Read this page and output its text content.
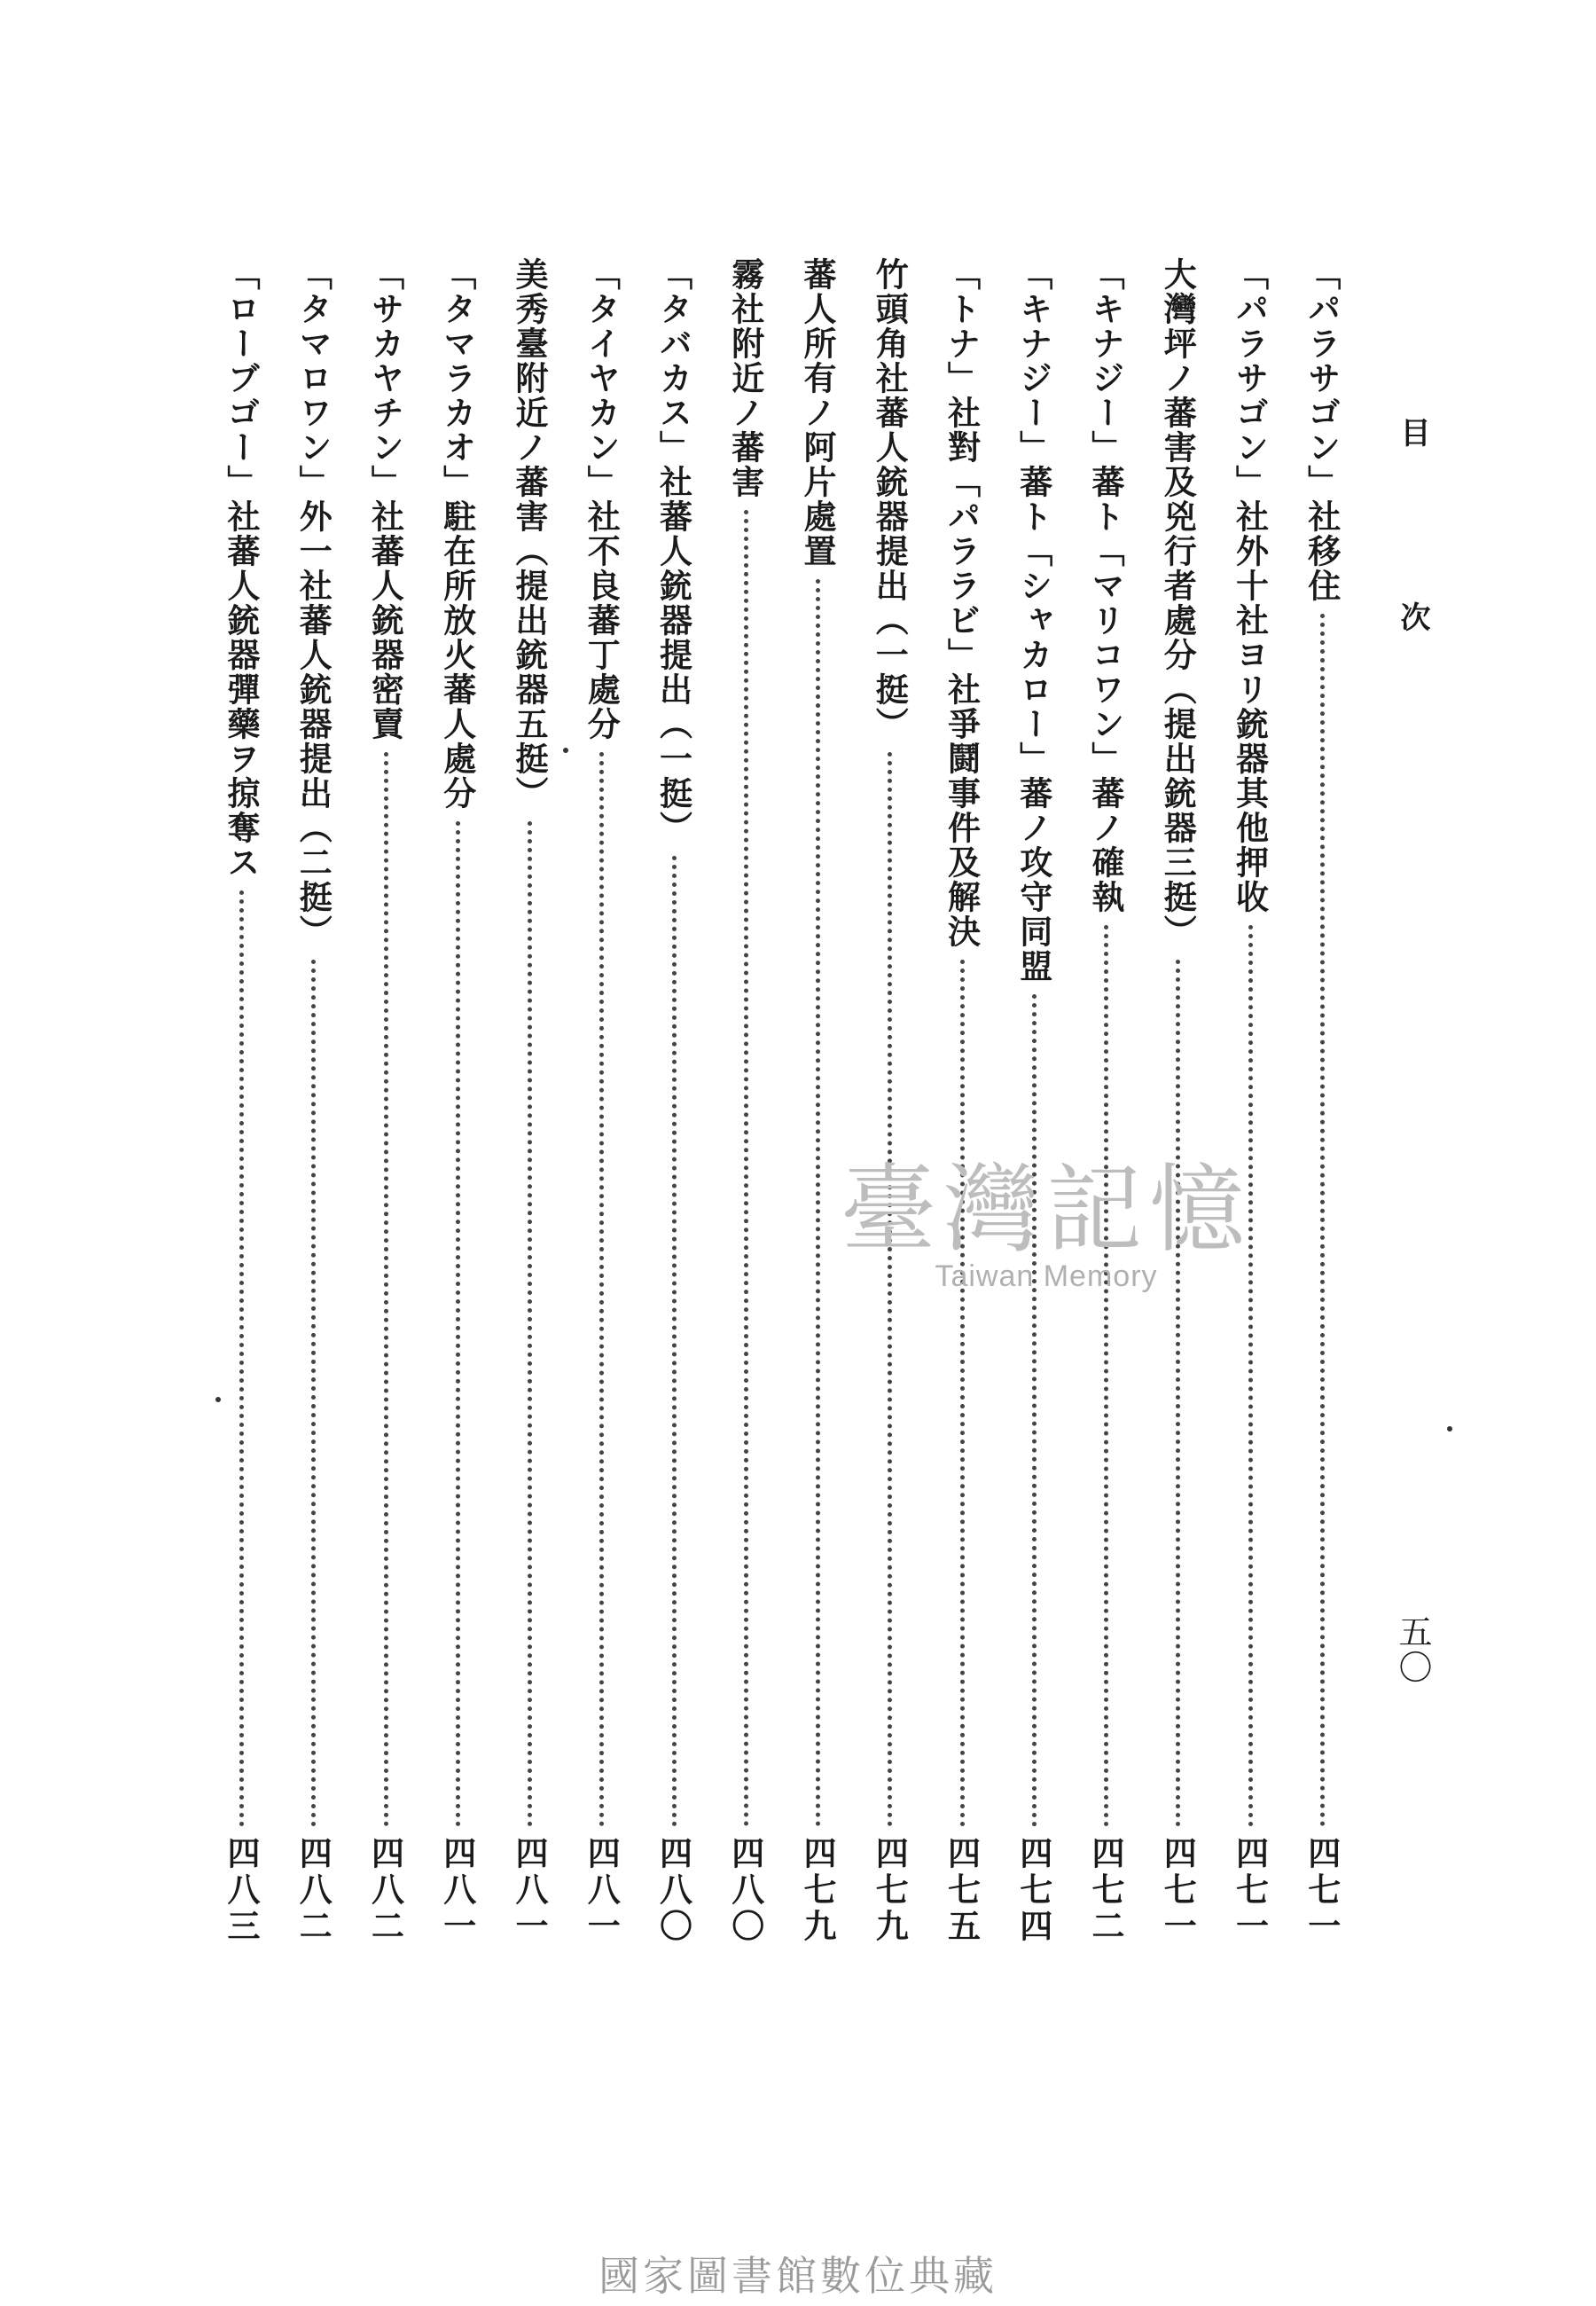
目　次
五〇
「パラサゴン」社移住
四七一
「パラサゴン」社外十社ヨリ銃器其他押收
四七一
大灣坪ノ蕃害及兇行者處分（提出銃器三挺）
四七一
「キナジー」蕃ト「マリコワン」蕃ノ確執
四七二
「キナジー」蕃ト「シャカロー」蕃ノ攻守同盟
四七四
「トナ」社對「パララビ」社爭鬪事件及解決
四七五
竹頭角社蕃人銃器提出（一挺）
四七九
蕃人所有ノ阿片處置
四七九
霧社附近ノ蕃害
四八〇
「タバカス」社蕃人銃器提出（一挺）
四八〇
「タイヤカン」社不良蕃丁處分
四八一
美秀臺附近ノ蕃害（提出銃器五挺）
四八一
「タマラカオ」駐在所放火蕃人處分
四八一
「サカヤチン」社蕃人銃器密賣
四八二
「タマロワン」外一社蕃人銃器提出（二挺）
四八二
「ローブゴー」社蕃人銃器彈藥ヲ掠奪ス
四八三
臺灣記憶
Taiwan Memory
國家圖書館數位典藏
